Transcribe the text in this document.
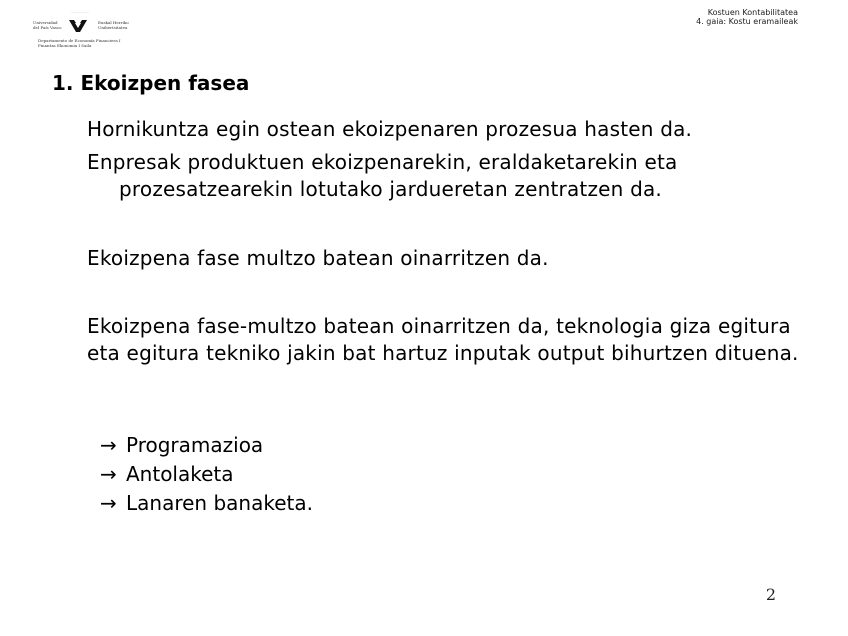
···················
Universidad
del País Vasco
Euskal Herriko
Unibertsitatea
Departamento de Economía Financiera I
Finantza Ekonomia I Saila
Kostuen Kontabilitatea
4. gaia: Kostu eramaileak
1. Ekoizpen fasea

Hornikuntza egin ostean ekoizpenaren prozesua hasten da.

Enpresak produktuen ekoizpenarekin, eraldaketarekin eta
prozesatzearekin lotutako jardueretan zentratzen da.

Ekoizpena fase multzo batean oinarritzen da.

Ekoizpena fase-multzo batean oinarritzen da, teknologia giza egitura eta egitura tekniko jakin bat hartuz inputak output bihurtzen dituena.

→ Programazioa
→ Antolaketa
→ Lanaren banaketa.
2
